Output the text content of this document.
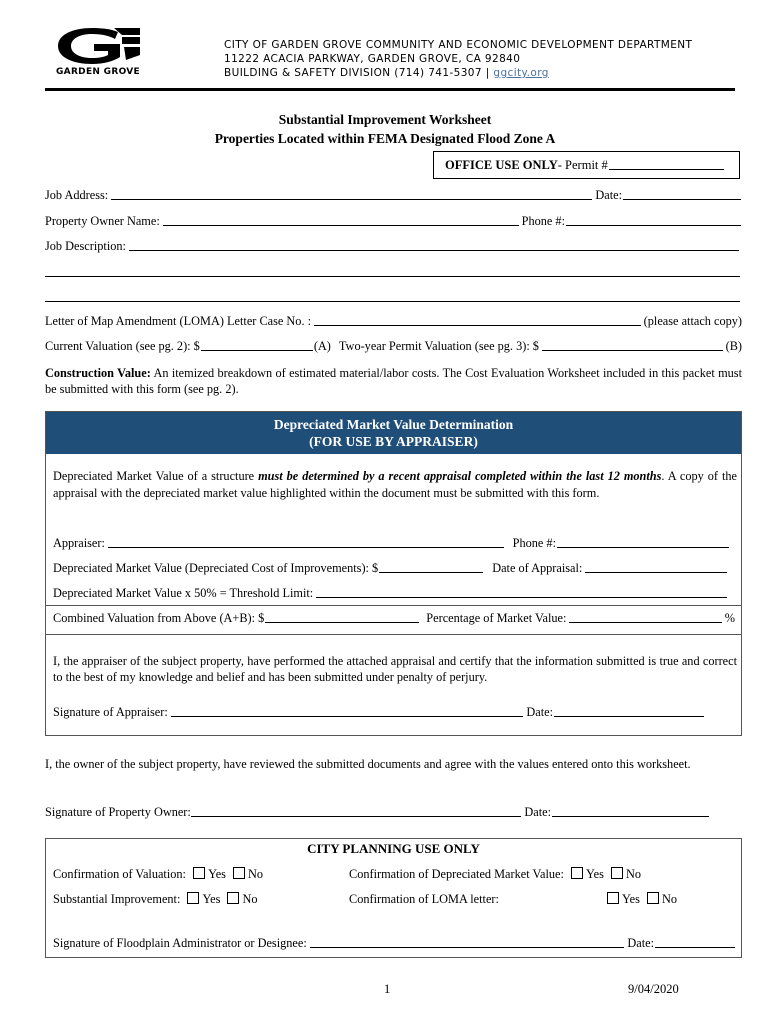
GARDEN GROVE
CITY OF GARDEN GROVE COMMUNITY AND ECONOMIC DEVELOPMENT DEPARTMENT
11222 ACACIA PARKWAY, GARDEN GROVE, CA 92840
BUILDING & SAFETY DIVISION (714) 741-5307 | ggcity.org
Substantial Improvement Worksheet
Properties Located within FEMA Designated Flood Zone A
OFFICE USE ONLY - Permit #
Job Address:	Date:
Property Owner Name:	Phone #:
Job Description:
Letter of Map Amendment (LOMA) Letter Case No. :	(please attach copy)
Current Valuation (see pg. 2): $	(A) Two-year Permit Valuation (see pg. 3): $	(B)
Construction Value: An itemized breakdown of estimated material/labor costs. The Cost Evaluation Worksheet included in this packet must be submitted with this form (see pg. 2).
Depreciated Market Value Determination
(FOR USE BY APPRAISER)
Depreciated Market Value of a structure must be determined by a recent appraisal completed within the last 12 months. A copy of the appraisal with the depreciated market value highlighted within the document must be submitted with this form.
Appraiser:	Phone #:
Depreciated Market Value (Depreciated Cost of Improvements): $	Date of Appraisal:
Depreciated Market Value x 50% = Threshold Limit:
Combined Valuation from Above (A+B): $	Percentage of Market Value:	%
I, the appraiser of the subject property, have performed the attached appraisal and certify that the information submitted is true and correct to the best of my knowledge and belief and has been submitted under penalty of perjury.
Signature of Appraiser:	Date:
I, the owner of the subject property, have reviewed the submitted documents and agree with the values entered onto this worksheet.
Signature of Property Owner:	Date:
CITY PLANNING USE ONLY
Confirmation of Valuation: Yes No	Confirmation of Depreciated Market Value: Yes No
Substantial Improvement: Yes No	Confirmation of LOMA letter:	Yes No
Signature of Floodplain Administrator or Designee:	Date:
1	9/04/2020
